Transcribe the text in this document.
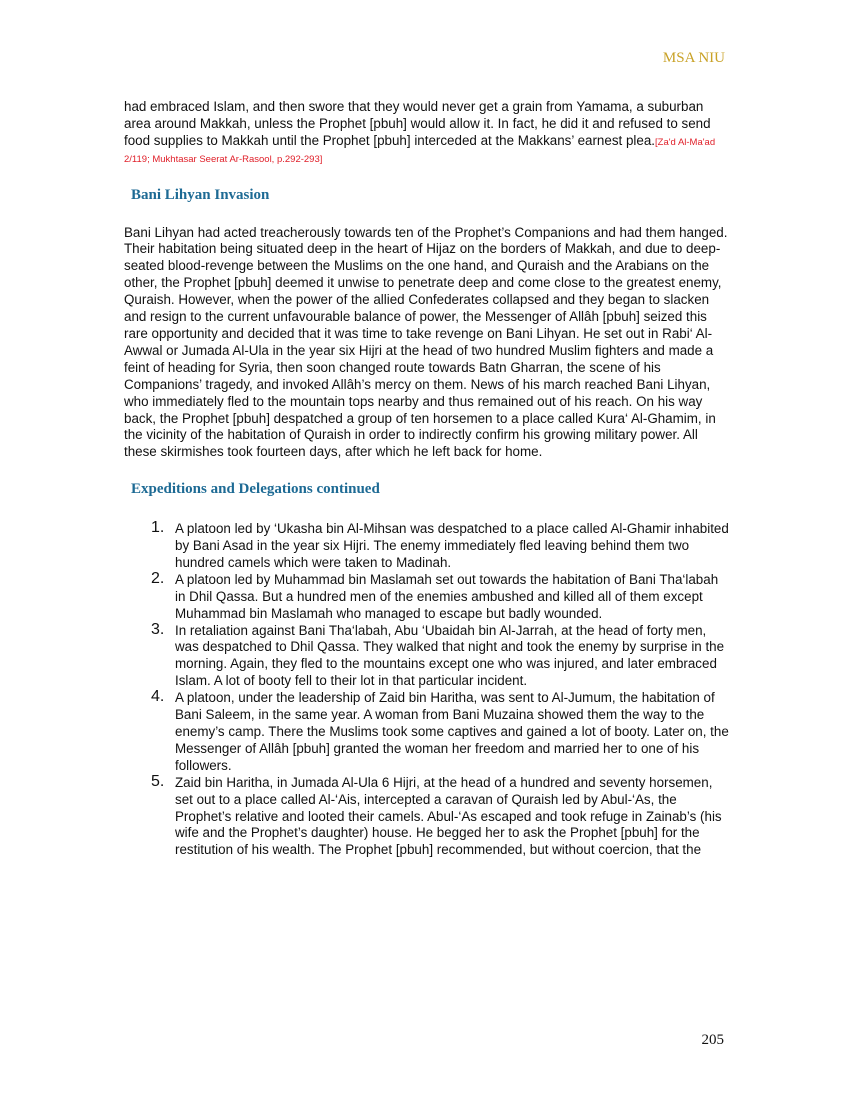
MSA NIU

had embraced Islam, and then swore that they would never get a grain from Yamama, a suburban area around Makkah, unless the Prophet [pbuh] would allow it. In fact, he did it and refused to send food supplies to Makkah until the Prophet [pbuh] interceded at the Makkans’ earnest plea.[Za'd Al-Ma'ad 2/119; Mukhtasar Seerat Ar-Rasool, p.292-293]

Bani Lihyan Invasion

Bani Lihyan had acted treacherously towards ten of the Prophet’s Companions and had them hanged. Their habitation being situated deep in the heart of Hijaz on the borders of Makkah, and due to deep-seated blood-revenge between the Muslims on the one hand, and Quraish and the Arabians on the other, the Prophet [pbuh] deemed it unwise to penetrate deep and come close to the greatest enemy, Quraish. However, when the power of the allied Confederates collapsed and they began to slacken and resign to the current unfavourable balance of power, the Messenger of Allâh [pbuh] seized this rare opportunity and decided that it was time to take revenge on Bani Lihyan. He set out in Rabi‘ Al-Awwal or Jumada Al-Ula in the year six Hijri at the head of two hundred Muslim fighters and made a feint of heading for Syria, then soon changed route towards Batn Gharran, the scene of his Companions’ tragedy, and invoked Allâh’s mercy on them. News of his march reached Bani Lihyan, who immediately fled to the mountain tops nearby and thus remained out of his reach. On his way back, the Prophet [pbuh] despatched a group of ten horsemen to a place called Kura‘ Al-Ghamim, in the vicinity of the habitation of Quraish in order to indirectly confirm his growing military power. All these skirmishes took fourteen days, after which he left back for home.

Expeditions and Delegations continued
1. A platoon led by ‘Ukasha bin Al-Mihsan was despatched to a place called Al-Ghamir inhabited by Bani Asad in the year six Hijri. The enemy immediately fled leaving behind them two hundred camels which were taken to Madinah.
2. A platoon led by Muhammad bin Maslamah set out towards the habitation of Bani Tha‘labah in Dhil Qassa. But a hundred men of the enemies ambushed and killed all of them except Muhammad bin Maslamah who managed to escape but badly wounded.
3. In retaliation against Bani Tha‘labah, Abu ‘Ubaidah bin Al-Jarrah, at the head of forty men, was despatched to Dhil Qassa. They walked that night and took the enemy by surprise in the morning. Again, they fled to the mountains except one who was injured, and later embraced Islam. A lot of booty fell to their lot in that particular incident.
4. A platoon, under the leadership of Zaid bin Haritha, was sent to Al-Jumum, the habitation of Bani Saleem, in the same year. A woman from Bani Muzaina showed them the way to the enemy’s camp. There the Muslims took some captives and gained a lot of booty. Later on, the Messenger of Allâh [pbuh] granted the woman her freedom and married her to one of his followers.
5. Zaid bin Haritha, in Jumada Al-Ula 6 Hijri, at the head of a hundred and seventy horsemen, set out to a place called Al-‘Ais, intercepted a caravan of Quraish led by Abul-‘As, the Prophet’s relative and looted their camels. Abul-‘As escaped and took refuge in Zainab’s (his wife and the Prophet’s daughter) house. He begged her to ask the Prophet [pbuh] for the restitution of his wealth. The Prophet [pbuh] recommended, but without coercion, that the
205
